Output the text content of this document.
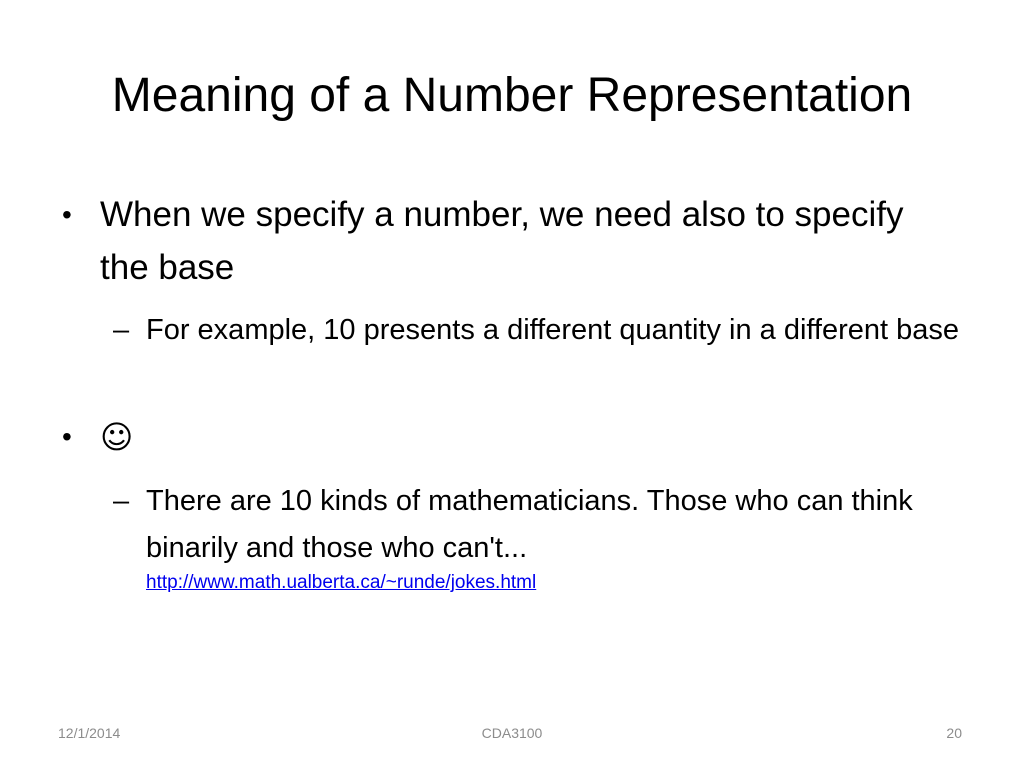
Meaning of a Number Representation
• When we specify a number, we need also to specify the base
– For example, 10 presents a different quantity in a different base
• ☺
– There are 10 kinds of mathematicians. Those who can think binarily and those who can't...
http://www.math.ualberta.ca/~runde/jokes.html
12/1/2014	CDA3100	20
